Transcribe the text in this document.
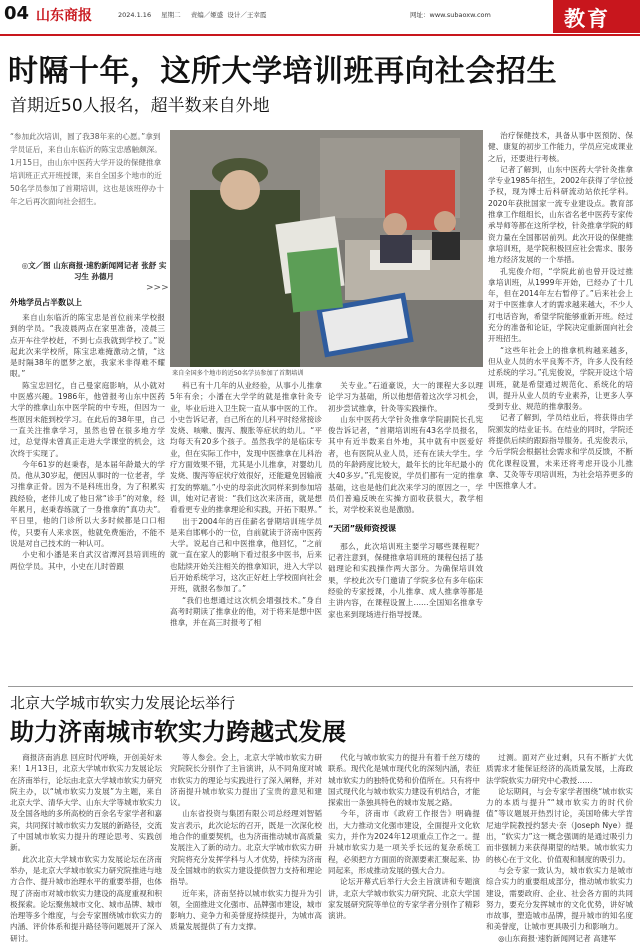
04 山东商报	2024.1.16 星期二 责编／姬盛 设计／王幸霞	网址：www.subaoxw.com	教育
时隔十年，这所大学培训班再向社会招生
首期近50人报名，超半数来自外地
“参加此次培训，圆了我38年来的心愿。”拿到学员证后，来自山东临沂的陈宝忠感触颇深。1月15日，由山东中医药大学开设的保健推拿培训班正式开班授课，来自全国多个地市的近50名学员参加了首期培训，这也是该班停办十年之后再次面向社会招生。
◎文／图 山东商报·速豹新闻网记者 张舒 实习生 孙德月
>>>
外地学员占半数以上

来自山东临沂的陈宝忠是首位前来学校报到的学员。“我凌晨两点在家里准备，凌晨三点开车往学校赶，不到七点我就到学校了。”说起此次来学校所，陈宝忠难掩激动之情，“这是时隔38年的愿梦之旅，我家米非得难不耀眼。”

陈宝忠回忆，自己曼家庭影响，从小就对中医感兴趣。1986年，他曾报考山东中医药大学的推拿山东中医学院的中专班，但因为一些原因未能到校学习。在此后的38年里，自己一直关注推拿学习，虽然也曾在很多地方学过，总觉得未曾真正走进大学课堂的机会，这次终于实现了。

今年61岁的赵秉春，是本届年龄最大的学员。他从30岁起，便因从事时的一位老者，学习推拿正骨。因为不是科班出身，为了积累实践经验，老伴儿成了他日常“诊手”的对象，经年累月，赵秉春练就了一身推拿的“真功夫”。平日里，他的门诊所以大多时候都是口口相传，只要有人来求医，他就免费施治，不能不说是对自己技术的一种认可。

小史和小潘是来自武汉省潭河县培训班的两位学员。其中，小史在儿时曾跟

来自全国多个地市的近50名学员参加了首期培训

科已有十几年的从业经验，从事小儿推拿5年有余；小潘在大学学的就是推拿针灸专业，毕业后进入卫生院一直从事中医的工作。小史告诉记者，自己所在的儿科平时经常接诊发烧、咳嗽、腹泻、腹胀等症状的幼儿。“平均每天有20多个孩子。虽然我学的是临床专业，但在实际工作中，发现中医推拿在儿科治疗方面效果不错，尤其是小儿推拿，对婴幼儿发烧、腹泻等症状疗效很好，还能避免因输液打发的弊端。”小史的母亲此次同样来到参加培训，她对记者说：“我们这次来济南，就是想看看更专业的推拿理论和实践，开拓下眼界。”

出于2004年的百佳薪名誉期培训班学员是来自邯郸小的一位，自前就读于济南中医药大学。说起自己和中医推拿，他回忆，“之前就一直在家人的影响下看过很多中医书，后来也陆续开始关注相关的推拿知识，进入大学以后开始系统学习，这次正好赶上学校面向社会开班，就报名参加了。”

“我们也想通过这次机会增强技术。”身自高考时期读了推拿业的他，对于将来是想中医推拿，并在高三时报考了相

关专业。”石道豪说，大一的课程大多以理论学习为基础，所以他想借着这次学习机会，初步尝试推拿，针灸等实践操作。

山东中医药大学针灸推拿学院副院长孔宪俊告诉记者，“首期培训班有43名学员报名，其中有近半数来自外地，其中就有中医爱好者，也有医院从业人员，还有在读大学生。学员的年龄跨度比较大，最年长的比年纪最小的大40多岁。”孔宪俊说，学员们都有一定的推拿基础，这也是他们此次来学习的原因之一，学员们普遍反映在实操方面收获很大，教学相长，对学校来说也是激励。

“天团”级师资授课

那么，此次培训班主要学习哪些课程呢？记者注意到，保健推拿培训班的课程包括了基础理论和实践操作两大部分。为确保培训效果，学校此次专门邀请了学院多位有多年临床经验的专家授课，小儿推拿、成人推拿等都是主讲内容，在课程设置上……全国知名推拿专家也来到现场进行指导授课。

治疗保健技术，具备从事中医预防、保健、康复的初步工作能力，学员应完成课业之后，还要进行考核。

记者了解到，山东中医药大学针灸推拿学专业1985年招生，2002年获得了学位授予权，现为博士后科研流动站依托学科。2020年获批国家一流专业建设点。教育部推拿工作组组长，山东省名老中医药专家传承导师等都在这所学校，针灸推拿学院的师资力量在全国都居前列。此次开设的保健推拿培训班，是学院积极回应社会需求、服务地方经济发展的一个举措。

孔宪俊介绍，“学院此前也曾开设过推拿培训班，从1999年开始，已经办了十几年，但在2014年左右暂停了。”后来社会上对于中医推拿人才的需求越来越大，不少人打电话咨询，希望学院能够重新开班。经过充分的准备和论证，学院决定重新面向社会开班招生。

“这些年社会上的推拿机构越来越多，但从业人员的水平良莠不齐，许多人没有经过系统的学习。”孔宪俊说，学院开设这个培训班，就是希望通过规范化、系统化的培训，提升从业人员的专业素养，让更多人享受到专业、规范的推拿服务。

记者了解到，学员结业后，将获得由学院颁发的结业证书。在结业的同时，学院还将提供后续的跟踪指导服务。孔宪俊表示，今后学院会根据社会需求和学员反馈，不断优化课程设置，未来还将考虑开设小儿推拿、艾灸等专项培训班，为社会培养更多的中医推拿人才。

北京大学城市软实力发展论坛举行
助力济南城市软实力跨越式发展

商报济南消息 回应时代呼唤，开创美好未来！1月13日，北京大学城市软实力发展论坛在济南举行，论坛由北京大学城市软实力研究院主办，以“城市软实力发展”为主题，来自北京大学、清华大学、山东大学等城市软实力及全国各地的多所高校的百余名专家学者和嘉宾，共同探讨城市软实力发展的新路径，交流了中国城市软实力提升的理论思考、实践创新。

此次北京大学城市软实力发展论坛在济南举办，是北京大学城市软实力研究院推进与地方合作、提升城市治理水平的重要举措，也体现了济南市对城市软实力建设的高度重视和积极探索。论坛聚焦城市文化、城市品牌、城市治理等多个维度，与会专家围绕城市软实力的内涵、评价体系和提升路径等问题展开了深入研讨。

等人参会。会上，北京大学城市软实力研究院院长分别作了主旨演讲，从不同角度对城市软实力的理论与实践进行了深入阐释，并对济南提升城市软实力提出了宝贵的意见和建议。

山东省投资与集团有限公司总经理刘智韬发言表示，此次论坛的召开，既是一次深化校地合作的重要契机，也为济南推动城市高质量发展注入了新的动力。北京大学城市软实力研究院将充分发挥学科与人才优势，持续为济南及全国城市的软实力建设提供智力支持和理论指导。

近年来，济南坚持以城市软实力提升为引领，全面推进文化强市、品牌强市建设，城市影响力、竞争力和美誉度持续提升，为城市高质量发展提供了有力支撑。

代化与城市软实力的提升有着千丝万缕的联系。现代化是城市现代化的深刻内涵，表征城市软实力的独特优势和价值所在。只有将中国式现代化与城市软实力建设有机结合，才能探索出一条独具特色的城市发展之路。

今年，济南市《政府工作报告》明确提出，大力推动文化强市建设，全面提升文化软实力，并作为2024年12项重点工作之一。提升城市软实力是一项关乎长远的复杂系统工程，必须把方方面面的资源要素汇聚起来、协同起来，形成推动发展的强大合力。

论坛开幕式后举行大会主旨演讲和专题演讲，北京大学城市软实力研究院、北京大学国家发展研究院等单位的专家学者分别作了精彩演讲。

过测。面对产业过剩，只有不断扩大优质需求才能保证经济的高质量发展，上海政法学院软实力研究中心教授……

论坛期间，与会专家学者围绕“城市软实力的本质与提升”“城市软实力的时代价值”等议题展开热烈讨论，美国哈佛大学肯尼迪学院教授约瑟夫·奈（Joseph Nye）提出，“软实力”这一概念强调的是通过吸引力而非强制力来获得期望的结果。城市软实力的核心在于文化、价值观和制度的吸引力。

与会专家一致认为，城市软实力是城市综合实力的重要组成部分，推动城市软实力建设，需要政府、企业、社会各方面的共同努力，要充分发挥城市的文化优势，讲好城市故事，塑造城市品牌，提升城市的知名度和美誉度，让城市更具吸引力和影响力。

◎山东商报·速豹新闻网记者 高建军
